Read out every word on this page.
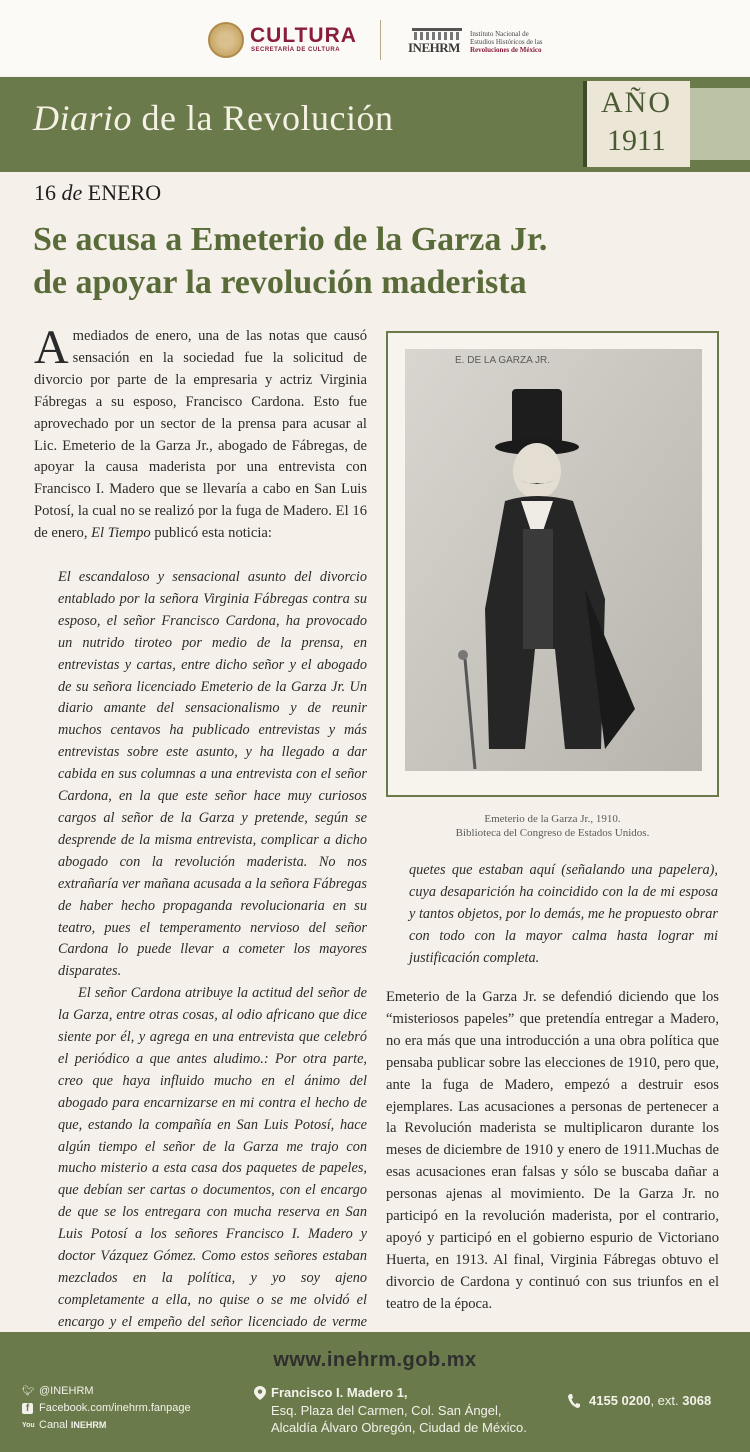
CULTURA
SECRETARÍA DE CULTURA	INEHRM
Instituto Nacional de
Estudios Históricos de las
Revoluciones de México
Diario de la Revolución	AÑO
1911
16 de ENERO
Se acusa a Emeterio de la Garza Jr.
de apoyar la revolución maderista
Amediados de enero, una de las notas que causó sensación en la sociedad fue la solicitud de divorcio por parte de la empresaria y actriz Virginia Fábregas a su esposo, Francisco Cardona. Esto fue aprovechado por un sector de la prensa para acusar al Lic. Emeterio de la Garza Jr., abogado de Fábregas, de apoyar la causa maderista por una entrevista con Francisco I. Madero que se llevaría a cabo en San Luis Potosí, la cual no se realizó por la fuga de Madero. El 16 de enero, El Tiempo publicó esta noticia:

El escandaloso y sensacional asunto del divorcio entablado por la señora Virginia Fábregas contra su esposo, el señor Francisco Cardona, ha provocado un nutrido tiroteo por medio de la prensa, en entrevistas y cartas, entre dicho señor y el abogado de su señora licenciado Emeterio de la Garza Jr. Un diario amante del sensacionalismo y de reunir muchos centavos ha publicado entrevistas y más entrevistas sobre este asunto, y ha llegado a dar cabida en sus columnas a una entrevista con el señor Cardona, en la que este señor hace muy curiosos cargos al señor de la Garza y pretende, según se desprende de la misma entrevista, complicar a dicho abogado con la revolución maderista. No nos extrañaría ver mañana acusada a la señora Fábregas de haber hecho propaganda revolucionaria en su teatro, pues el temperamento nervioso del señor Cardona lo puede llevar a cometer los mayores disparates.

El señor Cardona atribuye la actitud del señor de la Garza, entre otras cosas, al odio africano que dice siente por él, y agrega en una entrevista que celebró el periódico a que antes aludimo.: Por otra parte, creo que haya influido mucho en el ánimo del abogado para encarnizarse en mi contra el hecho de que, estando la compañía en San Luis Potosí, hace algún tiempo el señor de la Garza me trajo con mucho misterio a esta casa dos paquetes de papeles, que debían ser cartas o documentos, con el encargo de que se los entregara con mucha reserva en San Luis Potosí a los señores Francisco I. Madero y doctor Vázquez Gómez. Como estos señores estaban mezclados en la política, y yo soy ajeno completamente a ella, no quise o se me olvidó el encargo y el empeño del señor licenciado de verme

E. DE LA GARZA JR.
Emeterio de la Garza Jr., 1910.
Biblioteca del Congreso de Estados Unidos.
quetes que estaban aquí (señalando una papelera), cuya desaparición ha coincidido con la de mi esposa y tantos objetos, por lo demás, me he propuesto obrar con todo con la mayor calma hasta lograr mi justificación completa.
Emeterio de la Garza Jr. se defendió diciendo que los “misteriosos papeles” que pretendía entregar a Madero, no era más que una introducción a una obra política que pensaba publicar sobre las elecciones de 1910, pero que, ante la fuga de Madero, empezó a destruir esos ejemplares. Las acusaciones a personas de pertenecer a la Revolución maderista se multiplicaron durante los meses de diciembre de 1910 y enero de 1911.Muchas de esas acusaciones eran falsas y sólo se buscaba dañar a personas ajenas al movimiento. De la Garza Jr. no participó en la revolución maderista, por el contrario, apoyó y participó en el gobierno espurio de Victoriano Huerta, en 1913. Al final, Virginia Fábregas obtuvo el divorcio de Cardona y continuó con sus triunfos en el teatro de la época.
www.inehrm.gob.mx
🐦︎ @INEHRM
f Facebook.com/inehrm.fanpage
You Canal
INEHRM
Francisco I. Madero 1,
Esq. Plaza del Carmen, Col. San Ángel,
Alcaldía Álvaro Obregón, Ciudad de México.
4155 0200, ext. 3068
